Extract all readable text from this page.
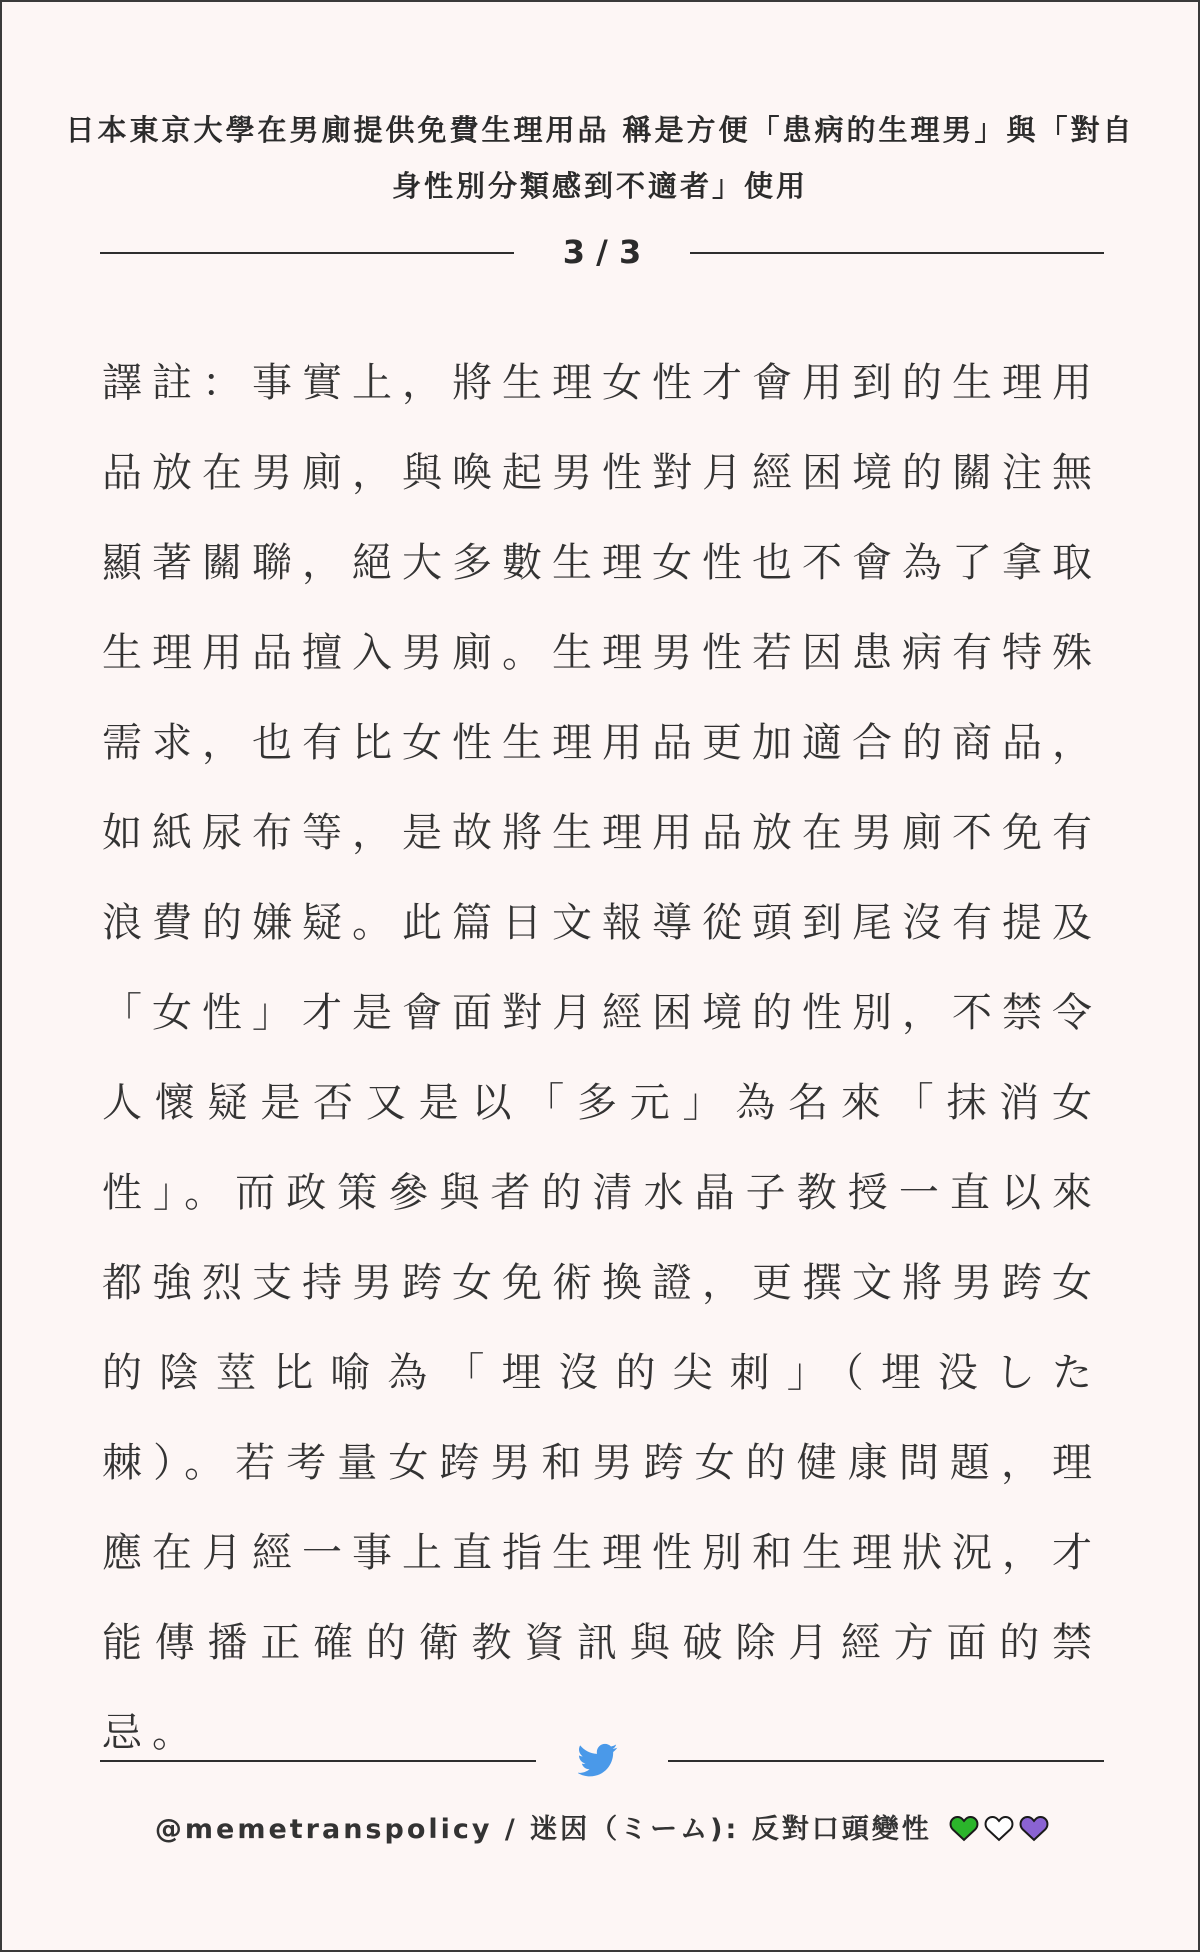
日本東京大學在男廁提供免費生理用品 稱是方便「患病的生理男」與「對自身性別分類感到不適者」使用
3 / 3

譯註：事實上，將生理女性才會用到的生理用品放在男廁，與喚起男性對月經困境的關注無顯著關聯，絕大多數生理女性也不會為了拿取生理用品擅入男廁。生理男性若因患病有特殊需求，也有比女性生理用品更加適合的商品，如紙尿布等，是故將生理用品放在男廁不免有浪費的嫌疑。此篇日文報導從頭到尾沒有提及「女性」才是會面對月經困境的性別，不禁令人懷疑是否又是以「多元」為名來「抹消女性」。而政策參與者的清水晶子教授一直以來都強烈支持男跨女免術換證，更撰文將男跨女的陰莖比喻為「埋沒的尖刺」（埋没した棘）。若考量女跨男和男跨女的健康問題，理應在月經一事上直指生理性別和生理狀況，才能傳播正確的衛教資訊與破除月經方面的禁忌。

@memetranspolicy / 迷因（ミーム): 反對口頭變性
